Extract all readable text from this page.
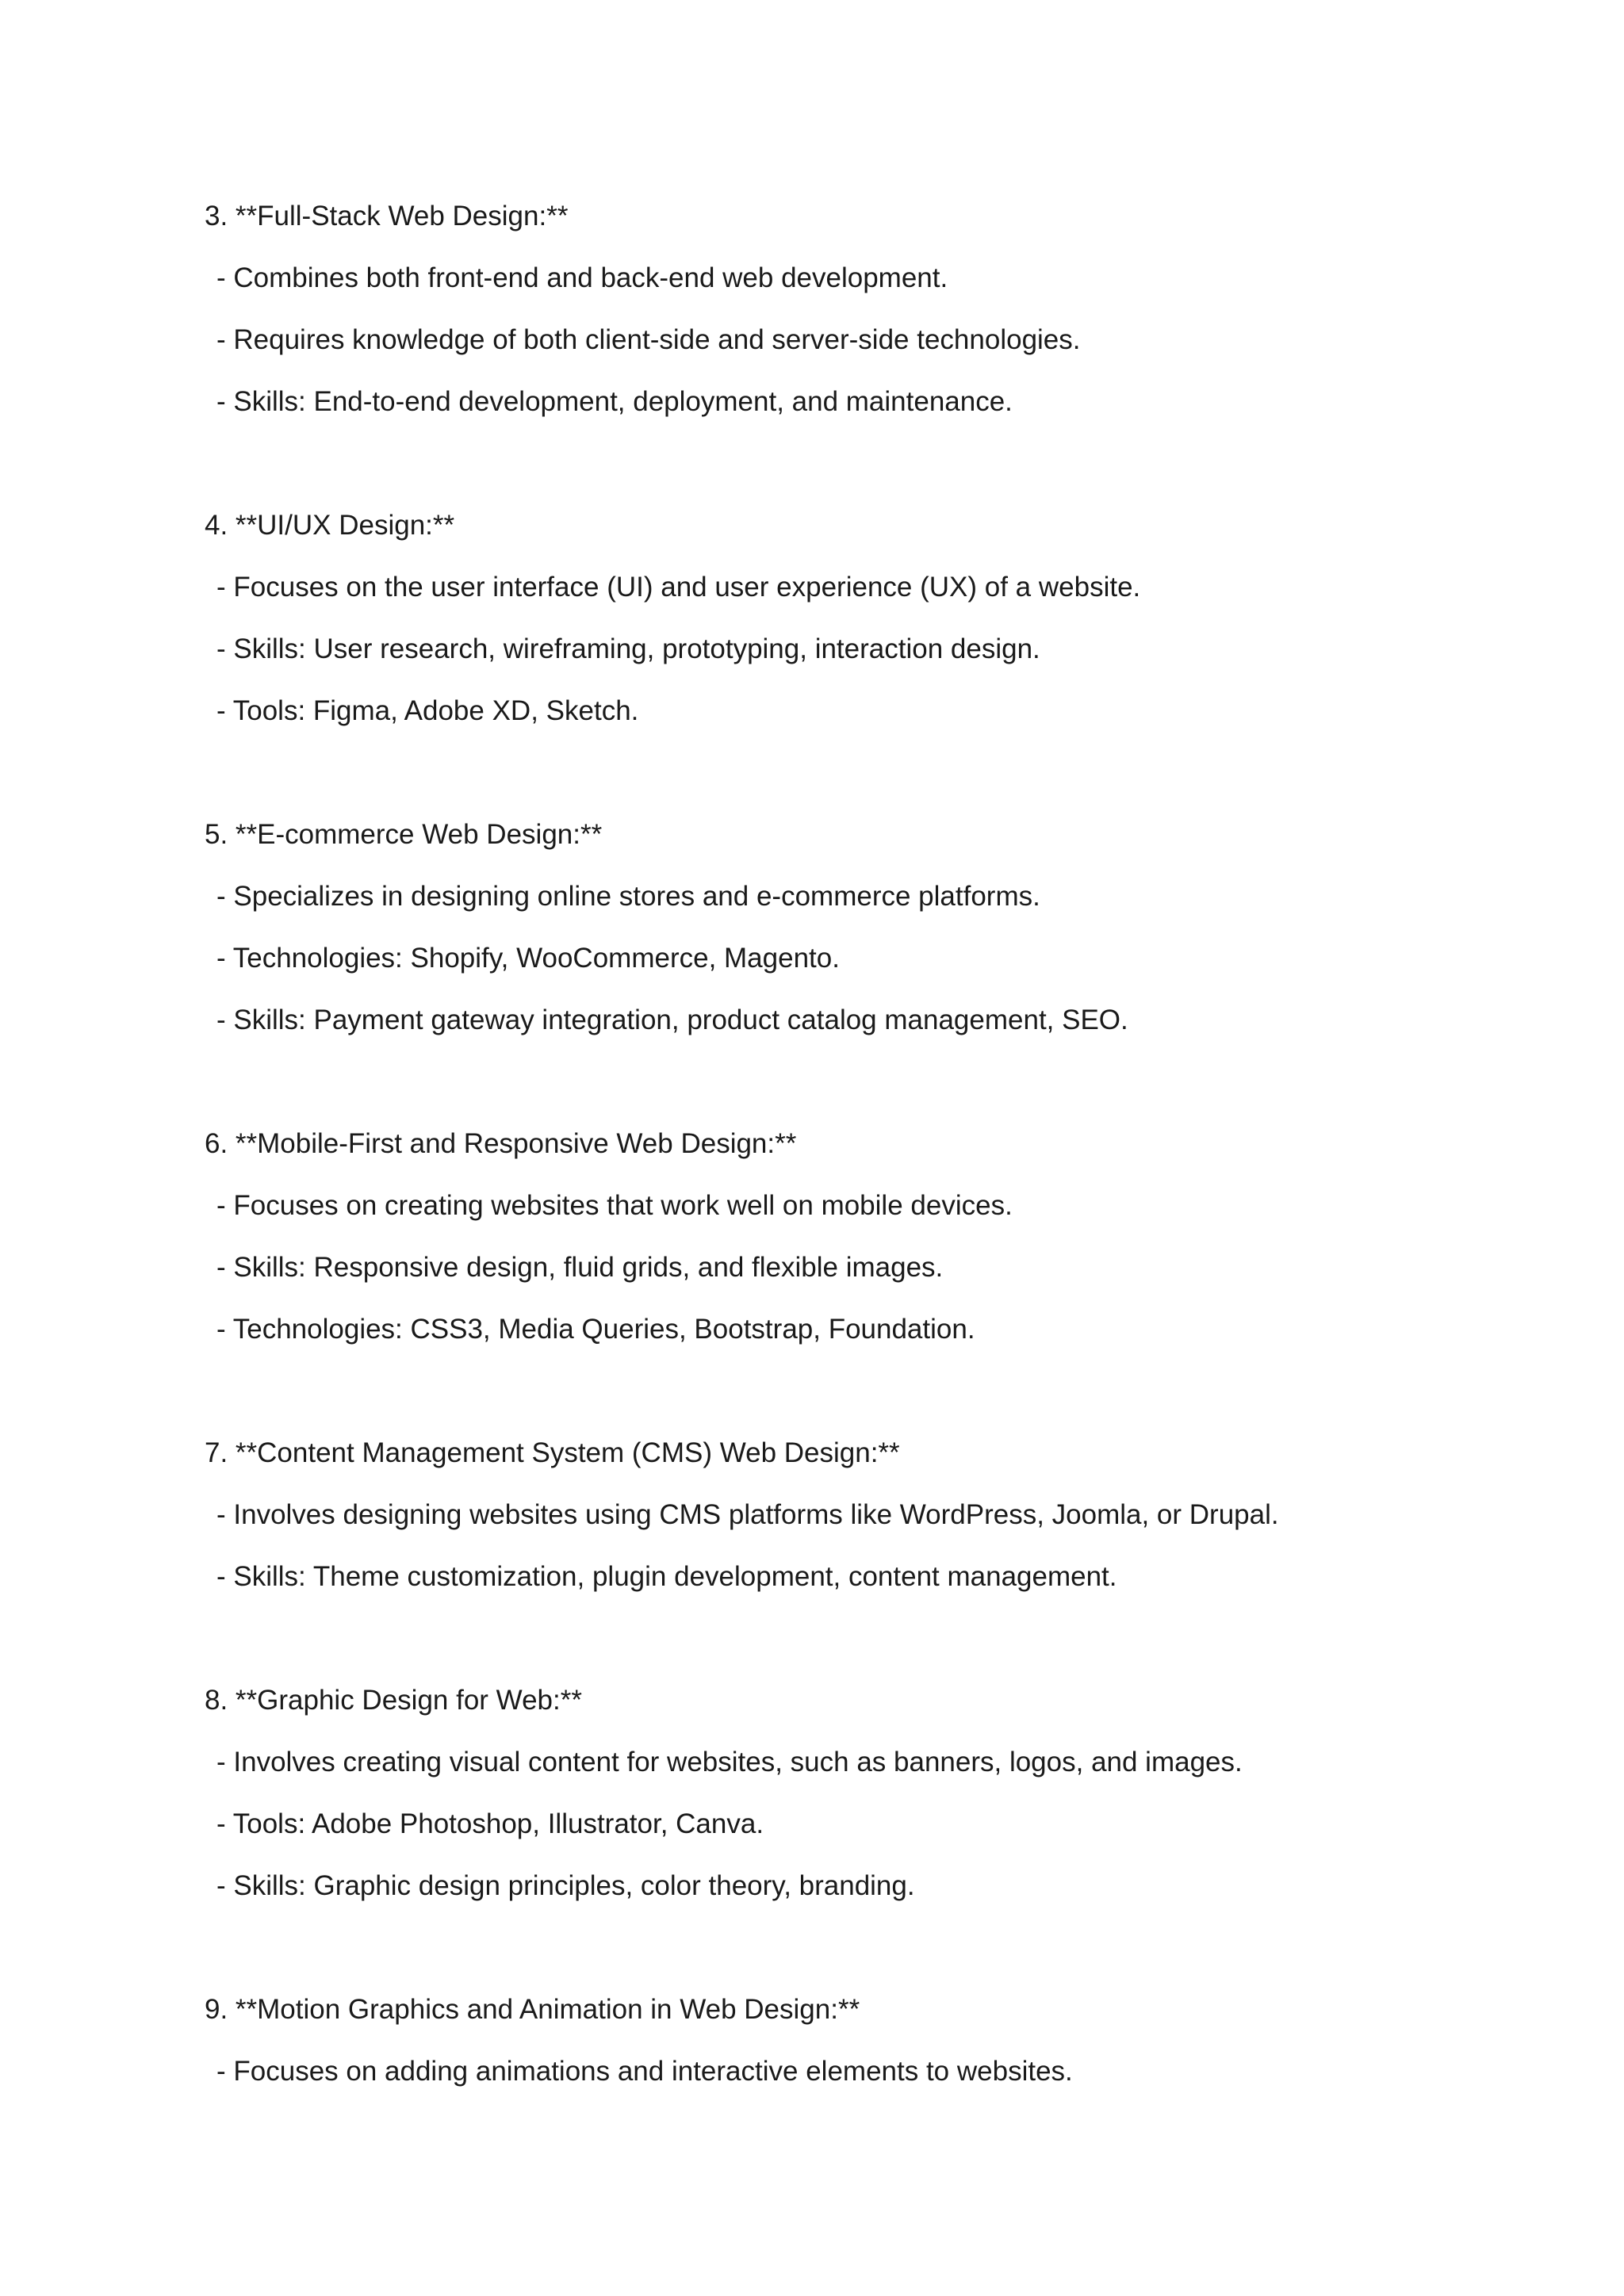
3. **Full-Stack Web Design:**
- Combines both front-end and back-end web development.
- Requires knowledge of both client-side and server-side technologies.
- Skills: End-to-end development, deployment, and maintenance.
4. **UI/UX Design:**
- Focuses on the user interface (UI) and user experience (UX) of a website.
- Skills: User research, wireframing, prototyping, interaction design.
- Tools: Figma, Adobe XD, Sketch.
5. **E-commerce Web Design:**
- Specializes in designing online stores and e-commerce platforms.
- Technologies: Shopify, WooCommerce, Magento.
- Skills: Payment gateway integration, product catalog management, SEO.
6. **Mobile-First and Responsive Web Design:**
- Focuses on creating websites that work well on mobile devices.
- Skills: Responsive design, fluid grids, and flexible images.
- Technologies: CSS3, Media Queries, Bootstrap, Foundation.
7. **Content Management System (CMS) Web Design:**
- Involves designing websites using CMS platforms like WordPress, Joomla, or Drupal.
- Skills: Theme customization, plugin development, content management.
8. **Graphic Design for Web:**
- Involves creating visual content for websites, such as banners, logos, and images.
- Tools: Adobe Photoshop, Illustrator, Canva.
- Skills: Graphic design principles, color theory, branding.
9. **Motion Graphics and Animation in Web Design:**
- Focuses on adding animations and interactive elements to websites.
